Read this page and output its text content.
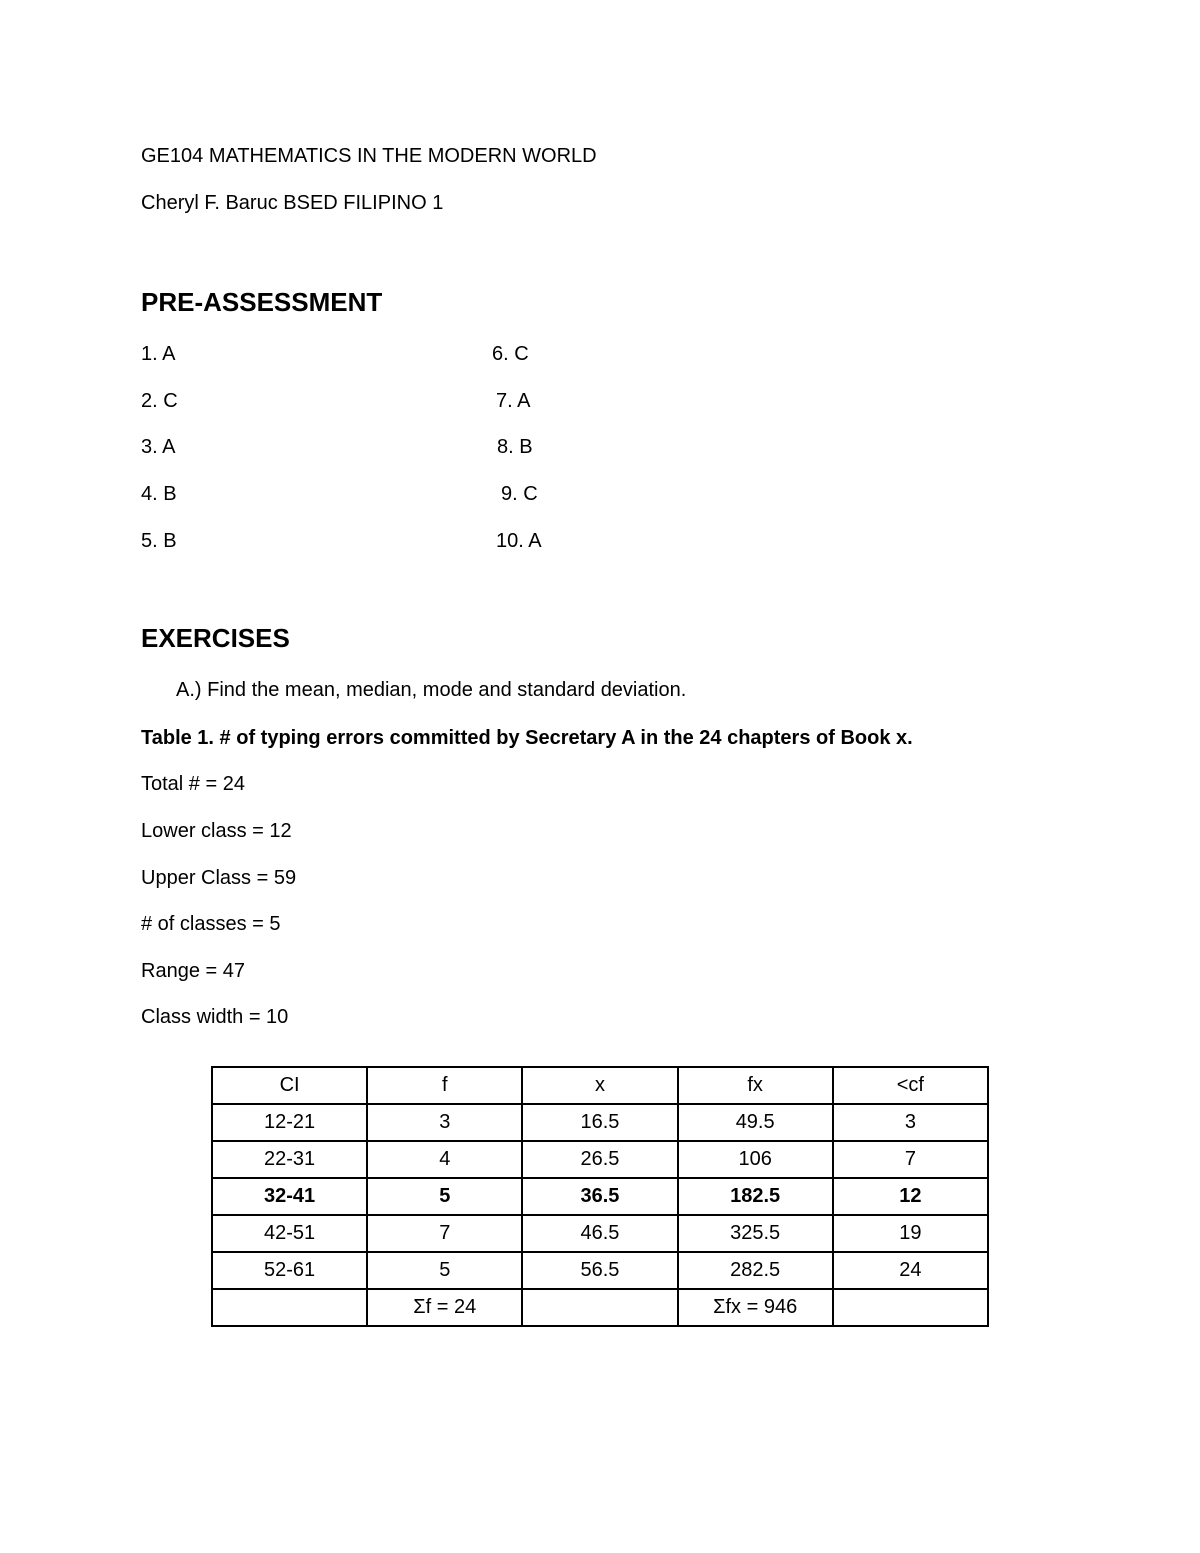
GE104 MATHEMATICS IN THE MODERN WORLD
Cheryl F. Baruc BSED FILIPINO 1
PRE-ASSESSMENT
1. A
2. C
3. A
4. B
5. B
6. C
7. A
8. B
9. C
10. A
EXERCISES
A.) Find the mean, median, mode and standard deviation.
Table 1. # of typing errors committed by Secretary A in the 24 chapters of Book x.
Total # = 24
Lower class = 12
Upper Class = 59
# of classes = 5
Range = 47
Class width = 10
CI	f	x	fx	<cf
12-21	3	16.5	49.5	3
22-31	4	26.5	106	7
32-41	5	36.5	182.5	12
42-51	7	46.5	325.5	19
52-61	5	56.5	282.5	24
	Σf = 24		Σfx = 946	
